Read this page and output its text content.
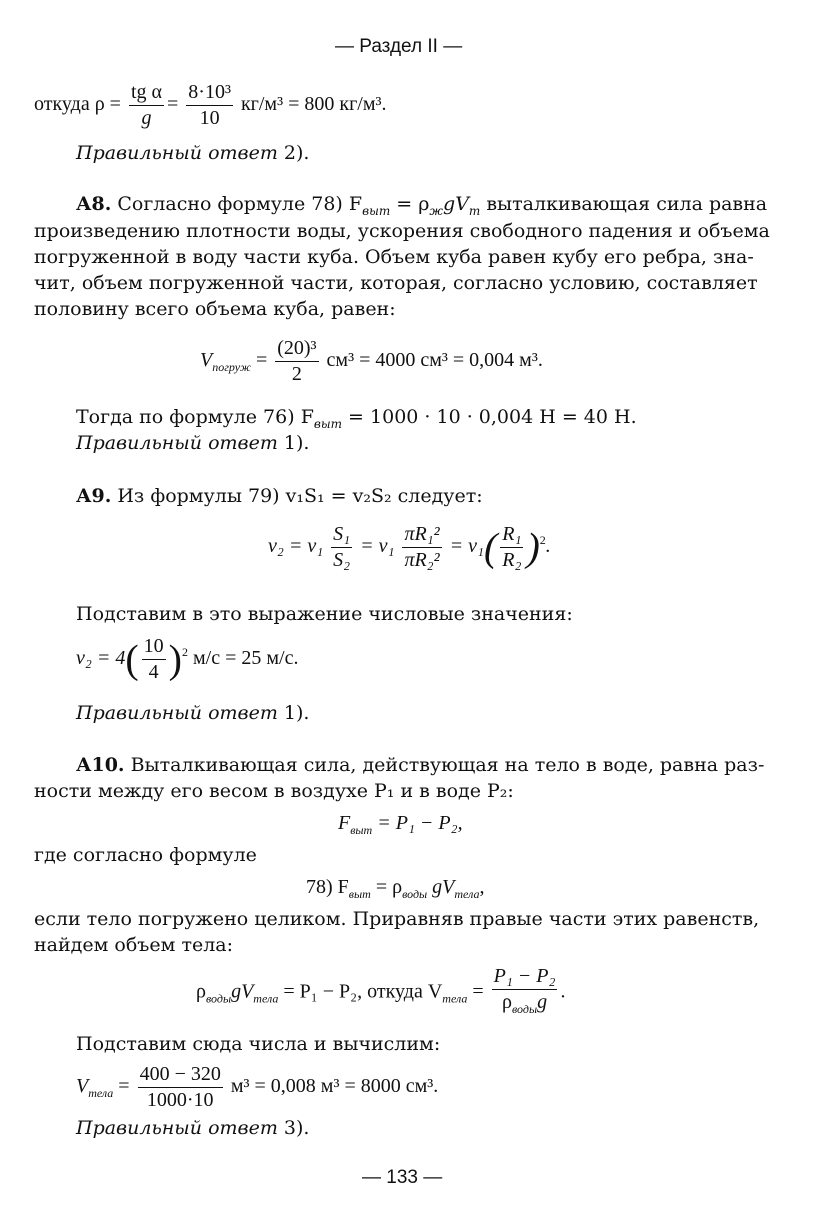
— Раздел II —
откуда $\rho = \frac{\text{tg α}}{g} = \frac{\text{8·10³}}{10} кг/м^3 = 800$ кг/м³.
Правильный ответ 2).
А8. Согласно формуле 78) $F_{выт} = \rho_жgV_т$ выталкивающая сила равна
произведению плотности воды, ускорения свободного падения и объема
погруженной в воду части куба. Объем куба равен кубу его ребра, зна-
чит, объем погруженной части, которая, согласно условию, составляет
половину всего объема куба, равен:
$V_{погруж} = \frac{\text{(20)³}}{2} см^3 = 4000$ см³ = 0,004 м³.
Тогда по формуле 76) $F_{выт} = 1000 \cdot 10 \cdot 0,004$ Н = 40 Н.
Правильный ответ 1).
А9. Из формулы 79) v₁S₁ = v₂S₂ следует:
$v_2 = v_1 \frac{\text{S₁}}{\text{S₂}} = v_1 \frac{\text{πR₁²}}{\text{πR₂²}} = v_1( \frac{\text{R₁}}{\text{R₂}} )^2$.
Подставим в это выражение числовые значения:
$v_2 = 4( \frac{10}{4} )^2$ м/с = 25 м/с.
Правильный ответ 1).
А10. Выталкивающая сила, действующая на тело в воде, равна раз-
ности между его весом в воздухе P₁ и в воде P₂:
$F_{выт} = P_1 - P_2$,
где согласно формуле
78) $F_{выт} = \rho_{воды}$ $gV_{тела}$,
если тело погружено целиком. Приравняв правые части этих равенств,
найдем объем тела:
$\rho_{воды}gV_{тела} = P_1 - P_2$, откуда $V_{тела} = \frac{\text{P₁ − P₂}}{\rho_{воды}g}$ .
Подставим сюда числа и вычислим:
$V_{тела} = \frac{400 - 320}{1000\cdot 10} м^3 = 0,008$ м³ = 8000 см³.
Правильный ответ 3).
— 133 —
